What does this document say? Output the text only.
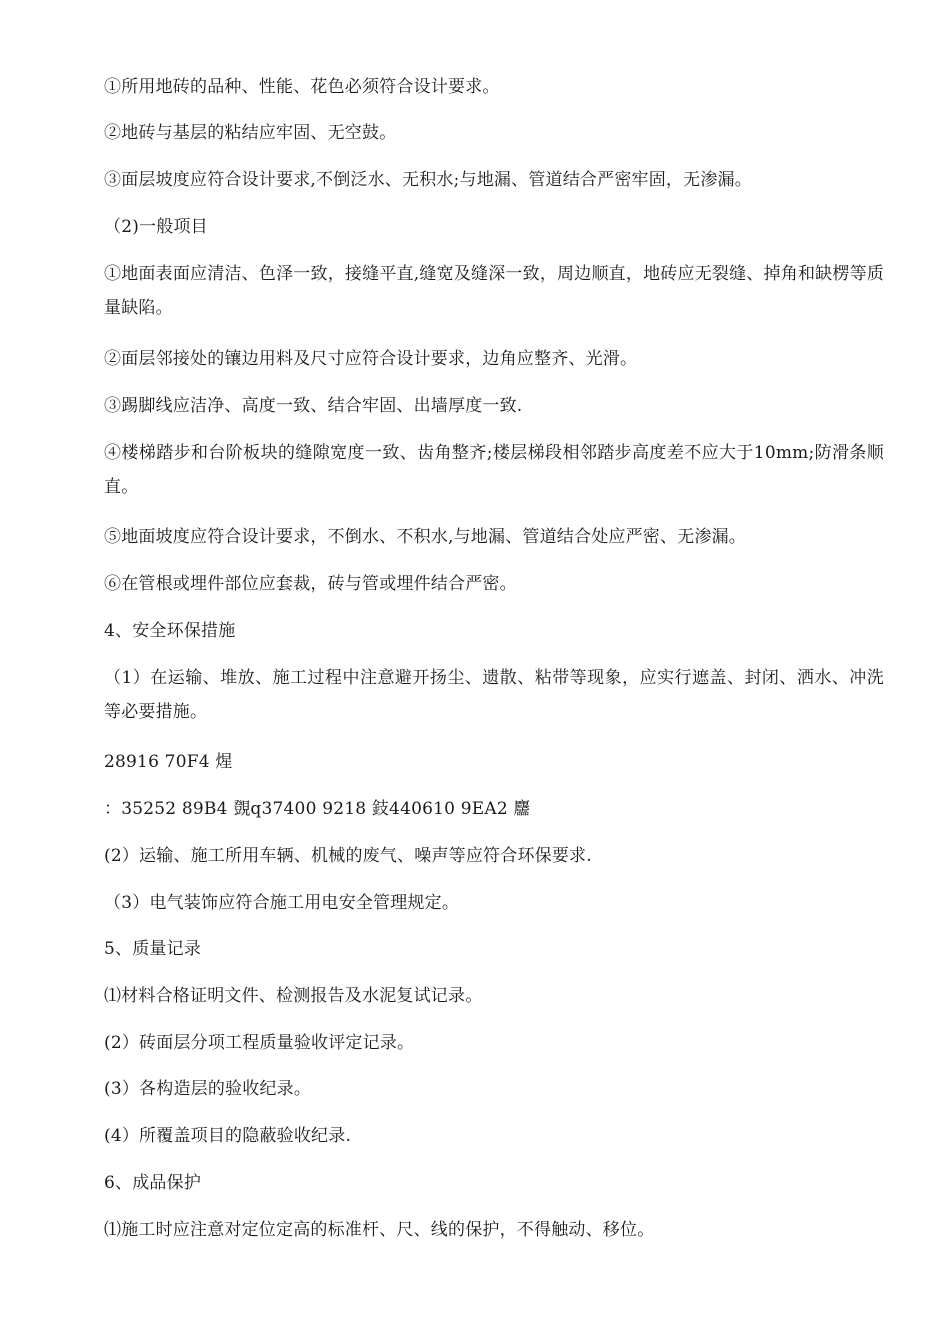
①所用地砖的品种、性能、花色必须符合设计要求。
②地砖与基层的粘结应牢固、无空鼓。
③面层坡度应符合设计要求,不倒泛水、无积水;与地漏、管道结合严密牢固，无渗漏。
（2)一般项目
①地面表面应清洁、色泽一致，接缝平直,缝宽及缝深一致，周边顺直，地砖应无裂缝、掉角和缺楞等质量缺陷。
②面层邻接处的镶边用料及尺寸应符合设计要求，边角应整齐、光滑。
③踢脚线应洁净、高度一致、结合牢固、出墙厚度一致.
④楼梯踏步和台阶板块的缝隙宽度一致、齿角整齐;楼层梯段相邻踏步高度差不应大于10mm;防滑条顺直。
⑤地面坡度应符合设计要求，不倒水、不积水,与地漏、管道结合处应严密、无渗漏。
⑥在管根或埋件部位应套裁，砖与管或埋件结合严密。
4、安全环保措施
（1）在运输、堆放、施工过程中注意避开扬尘、遗散、粘带等现象，应实行遮盖、封闭、洒水、冲洗等必要措施。
28916 70F4 煋
：35252 89B4 覴q37400 9218 鈘440610 9EA2 麢
(2）运输、施工所用车辆、机械的废气、噪声等应符合环保要求.
（3）电气装饰应符合施工用电安全管理规定。
5、质量记录
⑴材料合格证明文件、检测报告及水泥复试记录。
(2）砖面层分项工程质量验收评定记录。
(3）各构造层的验收纪录。
(4）所覆盖项目的隐蔽验收纪录.
6、成品保护
⑴施工时应注意对定位定高的标准杆、尺、线的保护，不得触动、移位。
